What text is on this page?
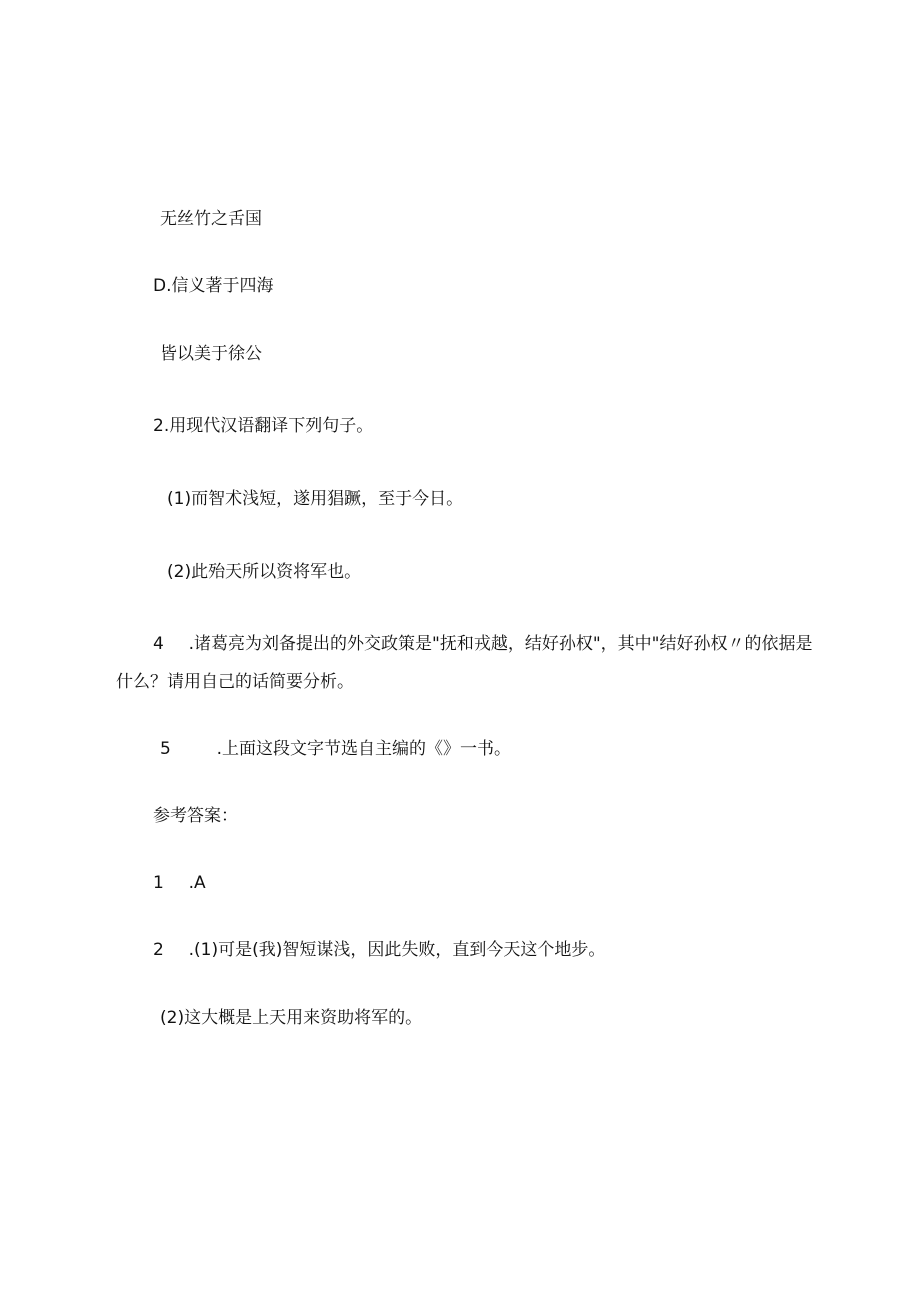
无丝竹之舌国
D.信义著于四海
皆以美于徐公
2.用现代汉语翻译下列句子。
(1)而智术浅短，遂用猖蹶，至于今日。
(2)此殆天所以资将军也。
4 .诸葛亮为刘备提出的外交政策是"抚和戎越，结好孙权"，其中"结好孙权〃的依据是
什么？请用自己的话简要分析。
5	.上面这段文字节选自主编的《》一书。
参考答案：
1 .A
2 .(1)可是(我)智短谋浅，因此失败，直到今天这个地步。
(2)这大概是上天用来资助将军的。
